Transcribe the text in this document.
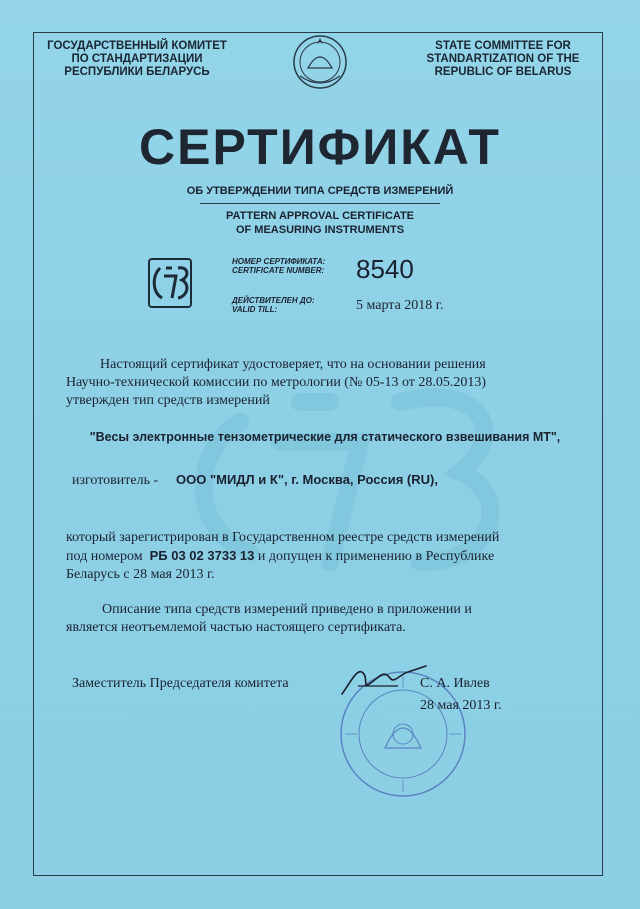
ГОСУДАРСТВЕННЫЙ КОМИТЕТ
ПО СТАНДАРТИЗАЦИИ
РЕСПУБЛИКИ БЕЛАРУСЬ
STATE COMMITTEE FOR
STANDARTIZATION OF THE
REPUBLIC OF BELARUS
СЕРТИФИКАТ
ОБ УТВЕРЖДЕНИИ ТИПА СРЕДСТВ ИЗМЕРЕНИЙ
PATTERN APPROVAL CERTIFICATE
OF MEASURING INSTRUMENTS
НОМЕР СЕРТИФИКАТА:
CERTIFICATE NUMBER: 8540
ДЕЙСТВИТЕЛЕН ДО:
VALID TILL:	5 марта 2018 г.
Настоящий сертификат удостоверяет, что на основании решения
Научно-технической комиссии по метрологии (№ 05-13 от 28.05.2013)
утвержден тип средств измерений
"Весы электронные тензометрические для статического взвешивания МТ",
изготовитель - ООО "МИДЛ и К", г. Москва, Россия (RU),
который зарегистрирован в Государственном реестре средств измерений
под номером РБ 03 02 3733 13 и допущен к применению в Республике
Беларусь с 28 мая 2013 г.
Описание типа средств измерений приведено в приложении и
является неотъемлемой частью настоящего сертификата.
Заместитель Председателя комитета	С. А. Ивлев
28 мая 2013 г.
